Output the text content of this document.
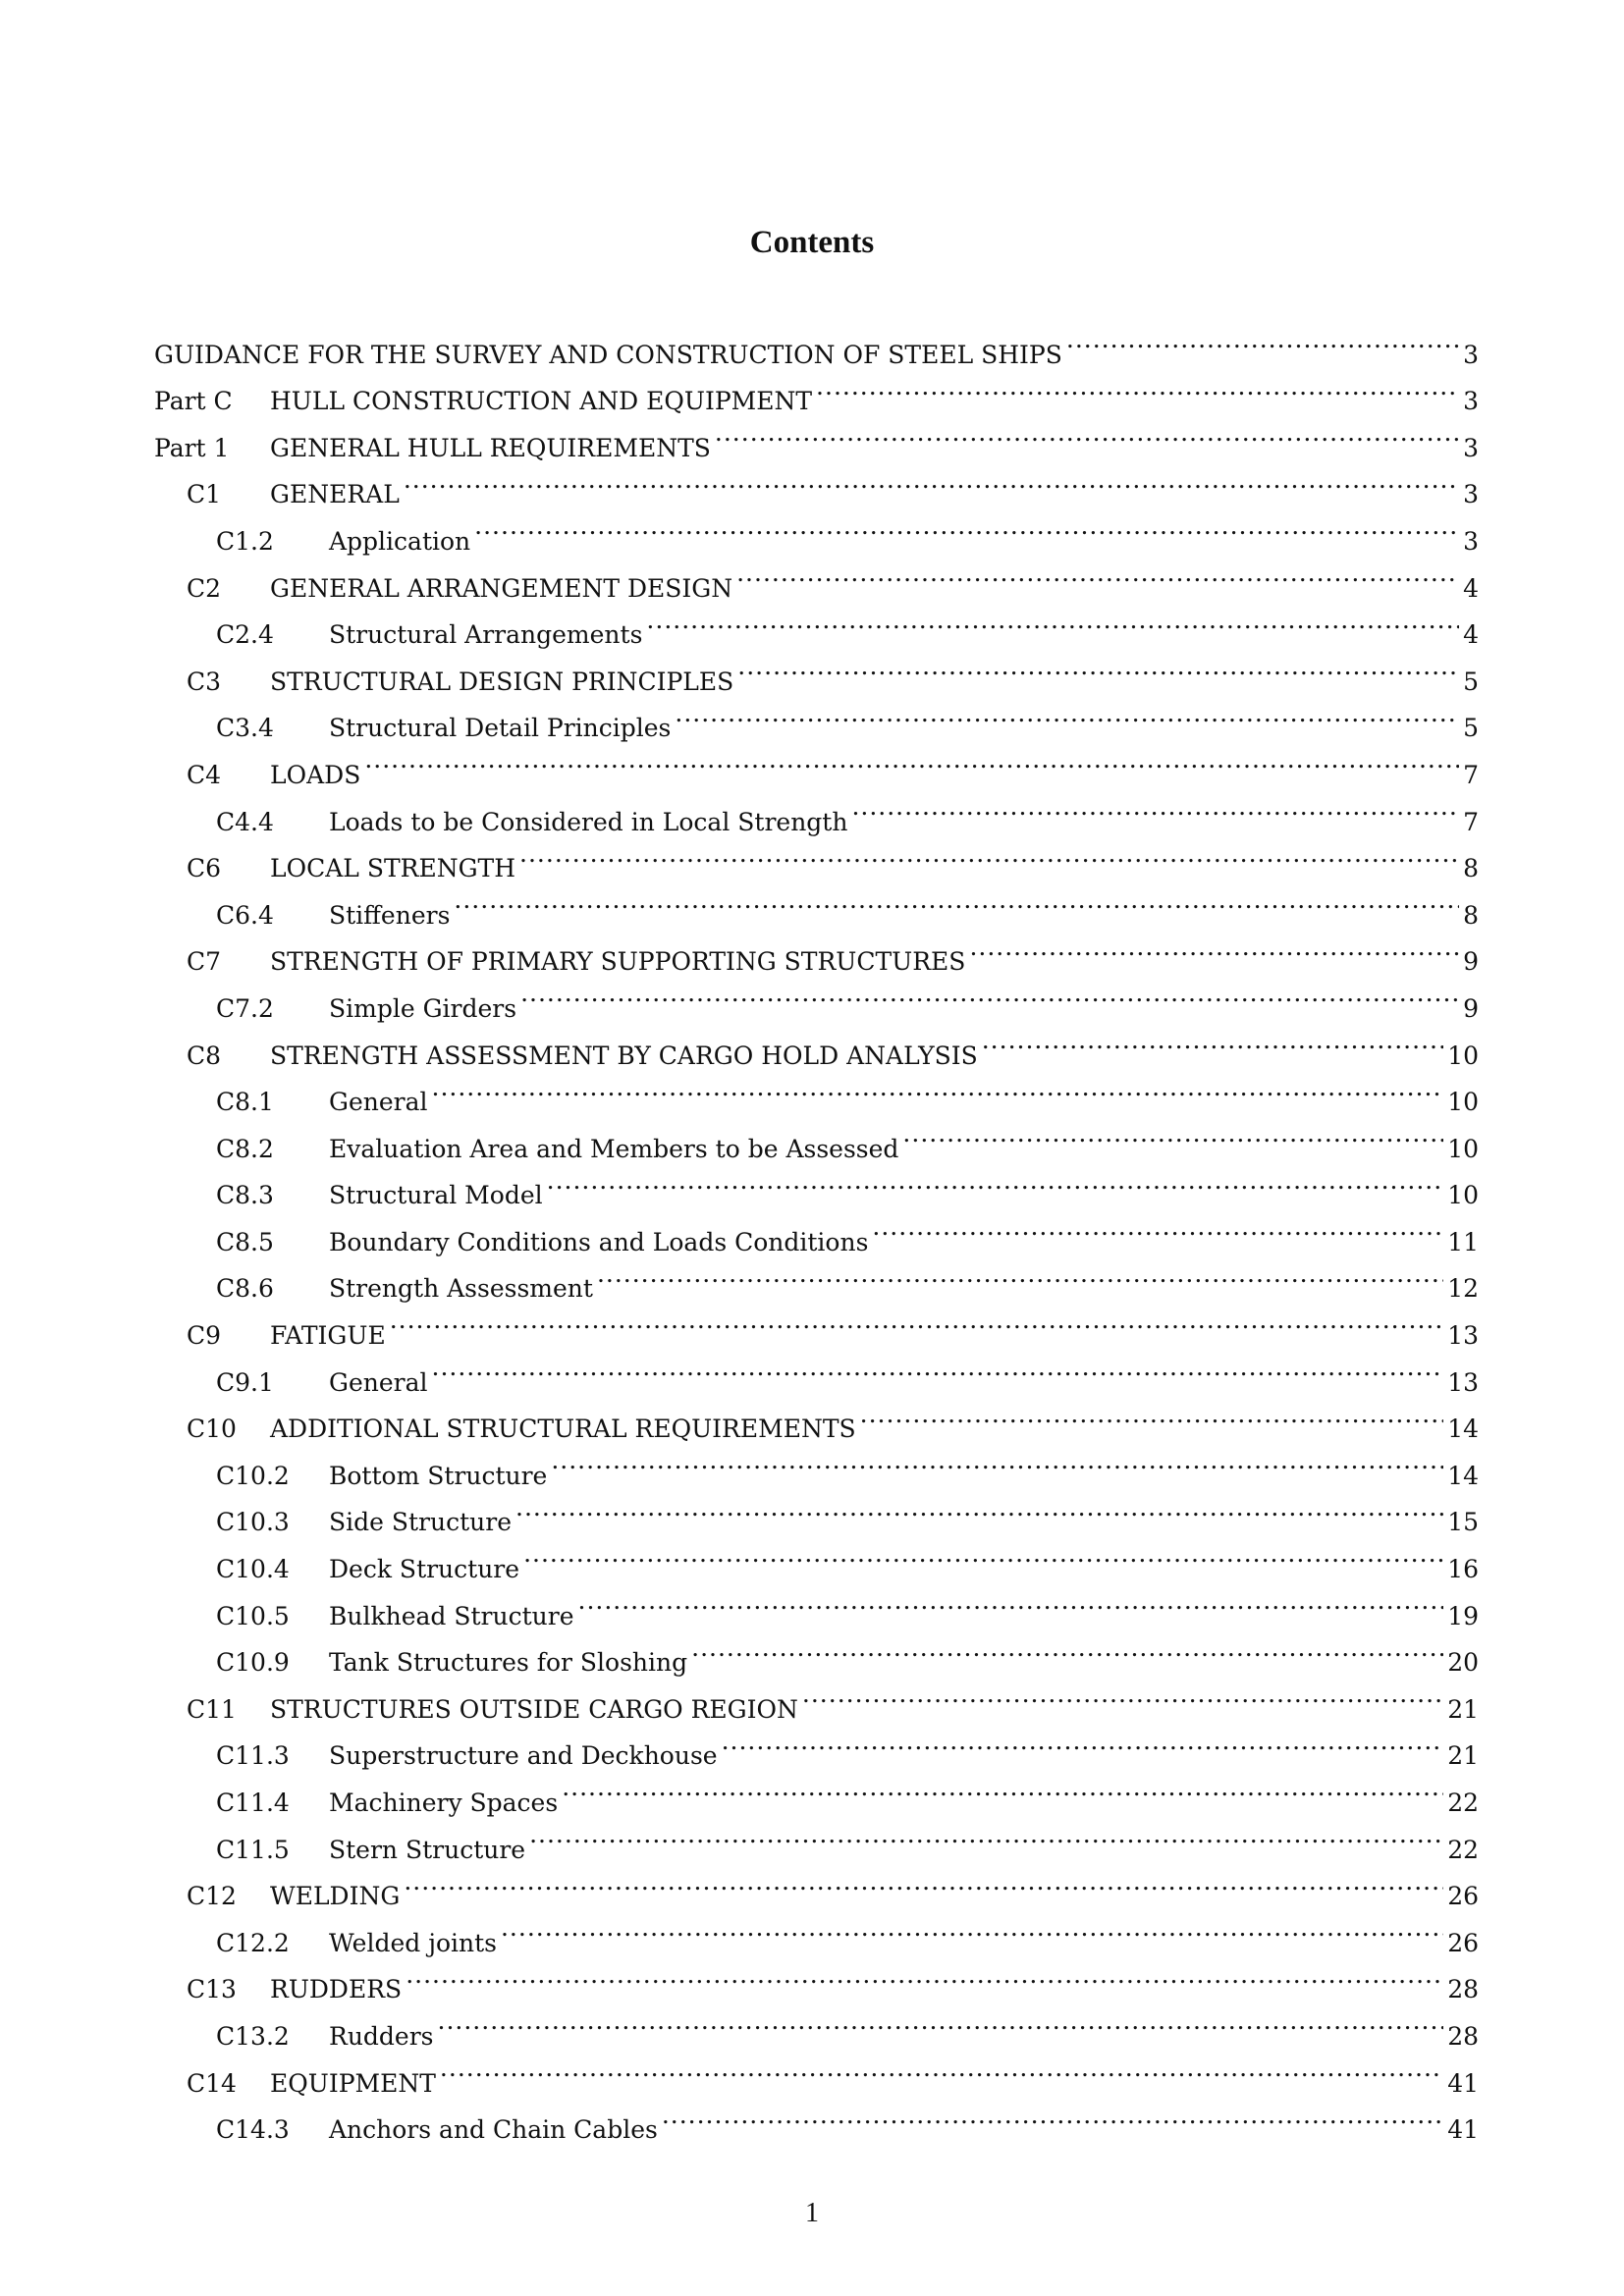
Contents
GUIDANCE FOR THE SURVEY AND CONSTRUCTION OF STEEL SHIPS .....	3
Part C	HULL CONSTRUCTION AND EQUIPMENT .....	3
Part 1	GENERAL HULL REQUIREMENTS .....	3
C1	GENERAL .....	3
C1.2	Application .....	3
C2	GENERAL ARRANGEMENT DESIGN .....	4
C2.4	Structural Arrangements .....	4
C3	STRUCTURAL DESIGN PRINCIPLES .....	5
C3.4	Structural Detail Principles .....	5
C4	LOADS .....	7
C4.4	Loads to be Considered in Local Strength .....	7
C6	LOCAL STRENGTH .....	8
C6.4	Stiffeners .....	8
C7	STRENGTH OF PRIMARY SUPPORTING STRUCTURES .....	9
C7.2	Simple Girders .....	9
C8	STRENGTH ASSESSMENT BY CARGO HOLD ANALYSIS .....	10
C8.1	General .....	10
C8.2	Evaluation Area and Members to be Assessed .....	10
C8.3	Structural Model .....	10
C8.5	Boundary Conditions and Loads Conditions .....	11
C8.6	Strength Assessment .....	12
C9	FATIGUE .....	13
C9.1	General .....	13
C10	ADDITIONAL STRUCTURAL REQUIREMENTS .....	14
C10.2	Bottom Structure .....	14
C10.3	Side Structure .....	15
C10.4	Deck Structure .....	16
C10.5	Bulkhead Structure .....	19
C10.9	Tank Structures for Sloshing .....	20
C11	STRUCTURES OUTSIDE CARGO REGION .....	21
C11.3	Superstructure and Deckhouse .....	21
C11.4	Machinery Spaces .....	22
C11.5	Stern Structure .....	22
C12	WELDING .....	26
C12.2	Welded joints .....	26
C13	RUDDERS .....	28
C13.2	Rudders .....	28
C14	EQUIPMENT .....	41
C14.3	Anchors and Chain Cables .....	41
1
